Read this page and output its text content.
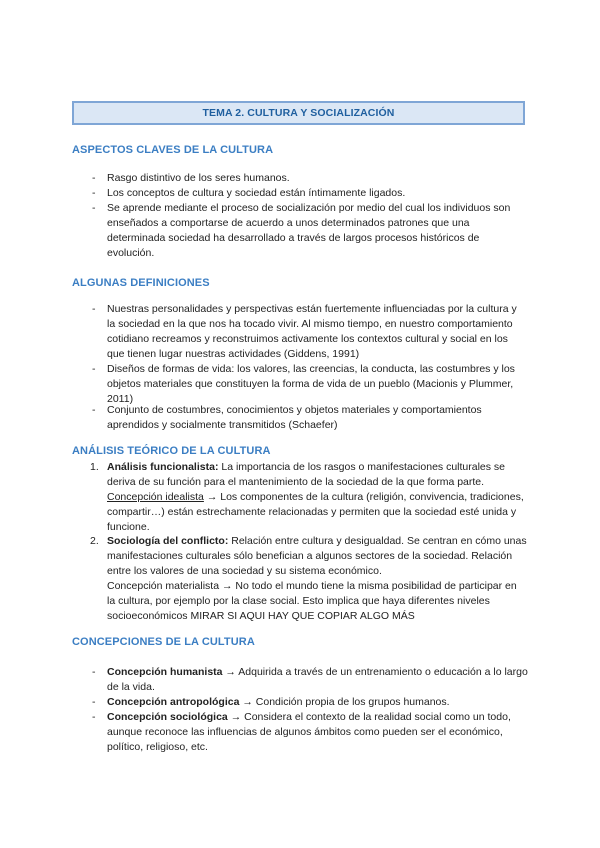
TEMA 2. CULTURA Y SOCIALIZACIÓN
ASPECTOS CLAVES DE LA CULTURA
- Rasgo distintivo de los seres humanos.
- Los conceptos de cultura y sociedad están íntimamente ligados.
- Se aprende mediante el proceso de socialización por medio del cual los individuos son enseñados a comportarse de acuerdo a unos determinados patrones que una determinada sociedad ha desarrollado a través de largos procesos históricos de evolución.
ALGUNAS DEFINICIONES
- Nuestras personalidades y perspectivas están fuertemente influenciadas por la cultura y la sociedad en la que nos ha tocado vivir. Al mismo tiempo, en nuestro comportamiento cotidiano recreamos y reconstruimos activamente los contextos cultural y social en los que tienen lugar nuestras actividades (Giddens, 1991)
- Diseños de formas de vida: los valores, las creencias, la conducta, las costumbres y los objetos materiales que constituyen la forma de vida de un pueblo (Macionis y Plummer, 2011)
- Conjunto de costumbres, conocimientos y objetos materiales y comportamientos aprendidos y socialmente transmitidos (Schaefer)
ANÁLISIS TEÓRICO DE LA CULTURA
1. Análisis funcionalista: La importancia de los rasgos o manifestaciones culturales se deriva de su función para el mantenimiento de la sociedad de la que forma parte.
Concepción idealista → Los componentes de la cultura (religión, convivencia, tradiciones, compartir…) están estrechamente relacionadas y permiten que la sociedad esté unida y funcione.
2. Sociología del conflicto: Relación entre cultura y desigualdad. Se centran en cómo unas manifestaciones culturales sólo benefician a algunos sectores de la sociedad. Relación entre los valores de una sociedad y su sistema económico.
Concepción materialista → No todo el mundo tiene la misma posibilidad de participar en la cultura, por ejemplo por la clase social. Esto implica que haya diferentes niveles socioeconómicos MIRAR SI AQUI HAY QUE COPIAR ALGO MÁS
CONCEPCIONES DE LA CULTURA
- Concepción humanista → Adquirida a través de un entrenamiento o educación a lo largo de la vida.
- Concepción antropológica → Condición propia de los grupos humanos.
- Concepción sociológica → Considera el contexto de la realidad social como un todo, aunque reconoce las influencias de algunos ámbitos como pueden ser el económico, político, religioso, etc.
